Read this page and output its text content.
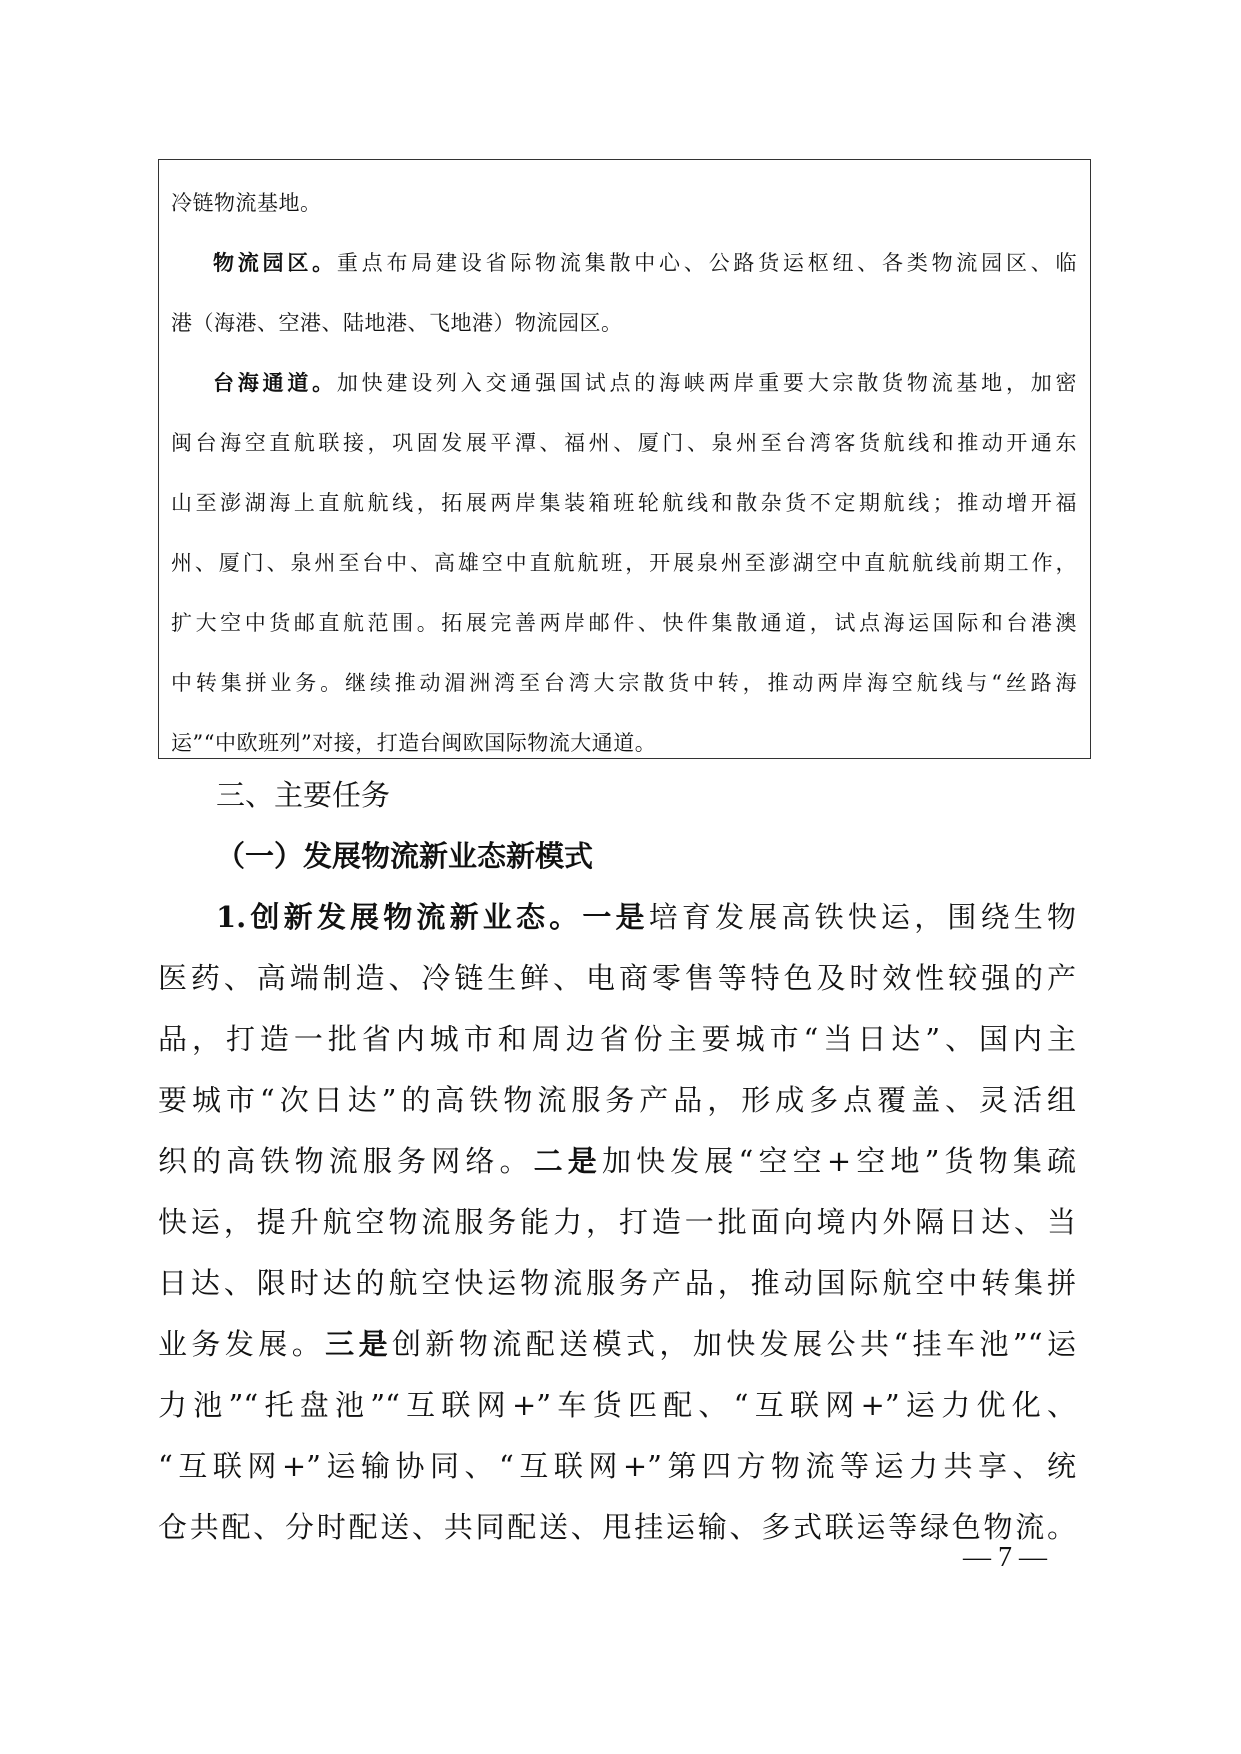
冷链物流基地。
物流园区。重点布局建设省际物流集散中心、公路货运枢纽、各类物流园区、临
港（海港、空港、陆地港、飞地港）物流园区。
台海通道。加快建设列入交通强国试点的海峡两岸重要大宗散货物流基地，加密
闽台海空直航联接，巩固发展平潭、福州、厦门、泉州至台湾客货航线和推动开通东
山至澎湖海上直航航线，拓展两岸集装箱班轮航线和散杂货不定期航线；推动增开福
州、厦门、泉州至台中、高雄空中直航航班，开展泉州至澎湖空中直航航线前期工作，
扩大空中货邮直航范围。拓展完善两岸邮件、快件集散通道，试点海运国际和台港澳
中转集拼业务。继续推动湄洲湾至台湾大宗散货中转，推动两岸海空航线与“丝路海
运”“中欧班列”对接，打造台闽欧国际物流大通道。
三、主要任务
（一）发展物流新业态新模式
1.创新发展物流新业态。一是培育发展高铁快运，围绕生物
医药、高端制造、冷链生鲜、电商零售等特色及时效性较强的产
品，打造一批省内城市和周边省份主要城市“当日达”、国内主
要城市“次日达”的高铁物流服务产品，形成多点覆盖、灵活组
织的高铁物流服务网络。二是加快发展“空空+空地”货物集疏
快运，提升航空物流服务能力，打造一批面向境内外隔日达、当
日达、限时达的航空快运物流服务产品，推动国际航空中转集拼
业务发展。三是创新物流配送模式，加快发展公共“挂车池”“运
力池”“托盘池”“互联网+”车货匹配、“互联网+”运力优化、
“互联网+”运输协同、“互联网+”第四方物流等运力共享、统
仓共配、分时配送、共同配送、甩挂运输、多式联运等绿色物流。
— 7 —
